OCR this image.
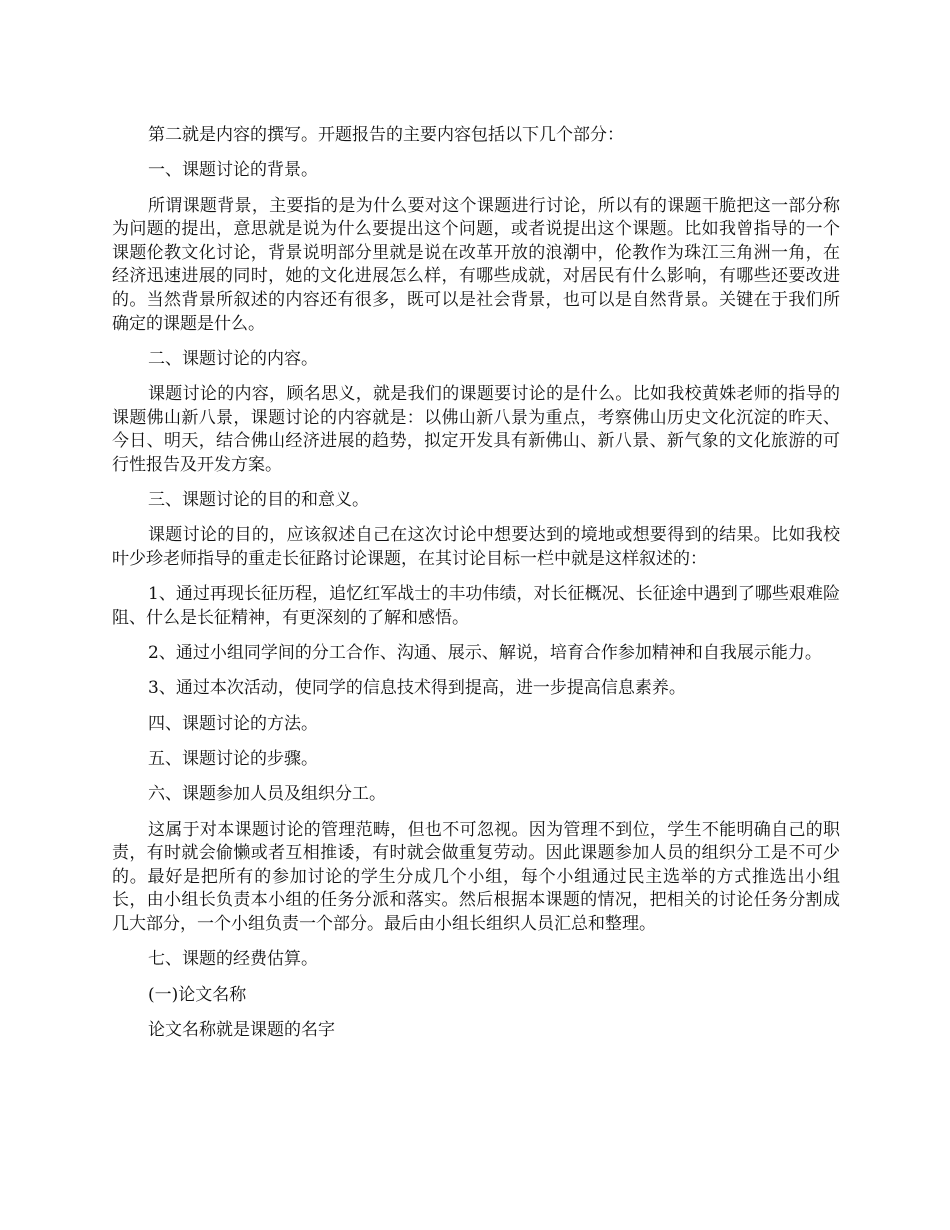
第二就是内容的撰写。开题报告的主要内容包括以下几个部分：

一、课题讨论的背景。

所谓课题背景，主要指的是为什么要对这个课题进行讨论，所以有的课题干脆把这一部分称为问题的提出，意思就是说为什么要提出这个问题，或者说提出这个课题。比如我曾指导的一个课题伦教文化讨论，背景说明部分里就是说在改革开放的浪潮中，伦教作为珠江三角洲一角，在经济迅速进展的同时，她的文化进展怎么样，有哪些成就，对居民有什么影响，有哪些还要改进的。当然背景所叙述的内容还有很多，既可以是社会背景，也可以是自然背景。关键在于我们所确定的课题是什么。

二、课题讨论的内容。

课题讨论的内容，顾名思义，就是我们的课题要讨论的是什么。比如我校黄姝老师的指导的课题佛山新八景，课题讨论的内容就是：以佛山新八景为重点，考察佛山历史文化沉淀的昨天、今日、明天，结合佛山经济进展的趋势，拟定开发具有新佛山、新八景、新气象的文化旅游的可行性报告及开发方案。

三、课题讨论的目的和意义。

课题讨论的目的，应该叙述自己在这次讨论中想要达到的境地或想要得到的结果。比如我校叶少珍老师指导的重走长征路讨论课题，在其讨论目标一栏中就是这样叙述的：

1、通过再现长征历程，追忆红军战士的丰功伟绩，对长征概况、长征途中遇到了哪些艰难险阻、什么是长征精神，有更深刻的了解和感悟。

2、通过小组同学间的分工合作、沟通、展示、解说，培育合作参加精神和自我展示能力。

3、通过本次活动，使同学的信息技术得到提高，进一步提高信息素养。

四、课题讨论的方法。

五、课题讨论的步骤。

六、课题参加人员及组织分工。

这属于对本课题讨论的管理范畴，但也不可忽视。因为管理不到位，学生不能明确自己的职责，有时就会偷懒或者互相推诿，有时就会做重复劳动。因此课题参加人员的组织分工是不可少的。最好是把所有的参加讨论的学生分成几个小组，每个小组通过民主选举的方式推选出小组长，由小组长负责本小组的任务分派和落实。然后根据本课题的情况，把相关的讨论任务分割成几大部分，一个小组负责一个部分。最后由小组长组织人员汇总和整理。

七、课题的经费估算。

(一)论文名称

论文名称就是课题的名字
